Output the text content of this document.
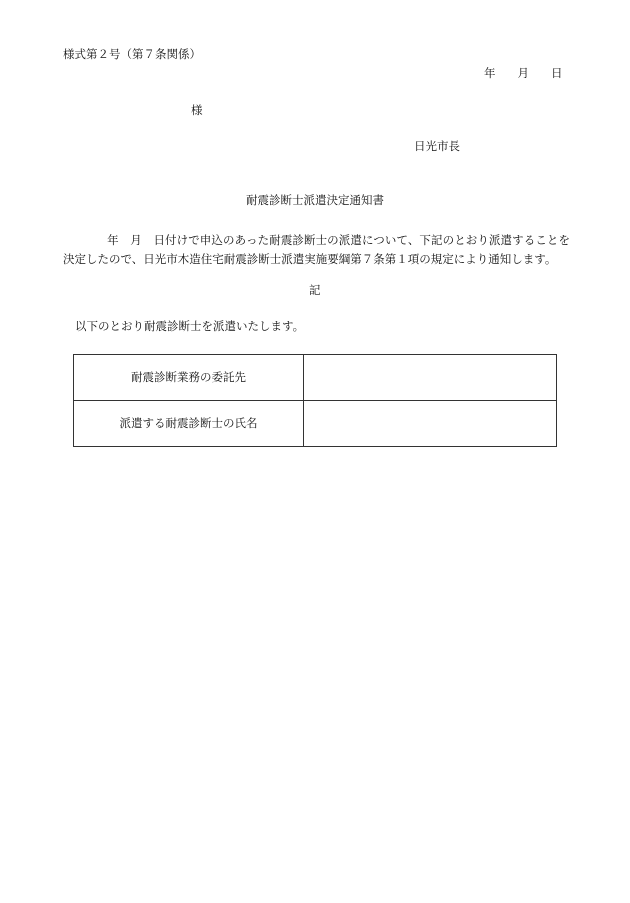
様式第２号（第７条関係）
年 月 日
様
日光市長
耐震診断士派遣決定通知書
年　月　日付けで申込のあった耐震診断士の派遣について、下記のとおり派遣することを決定したので、日光市木造住宅耐震診断士派遣実施要綱第７条第１項の規定により通知します。
記
以下のとおり耐震診断士を派遣いたします。
耐震診断業務の委託先	
派遣する耐震診断士の氏名	
